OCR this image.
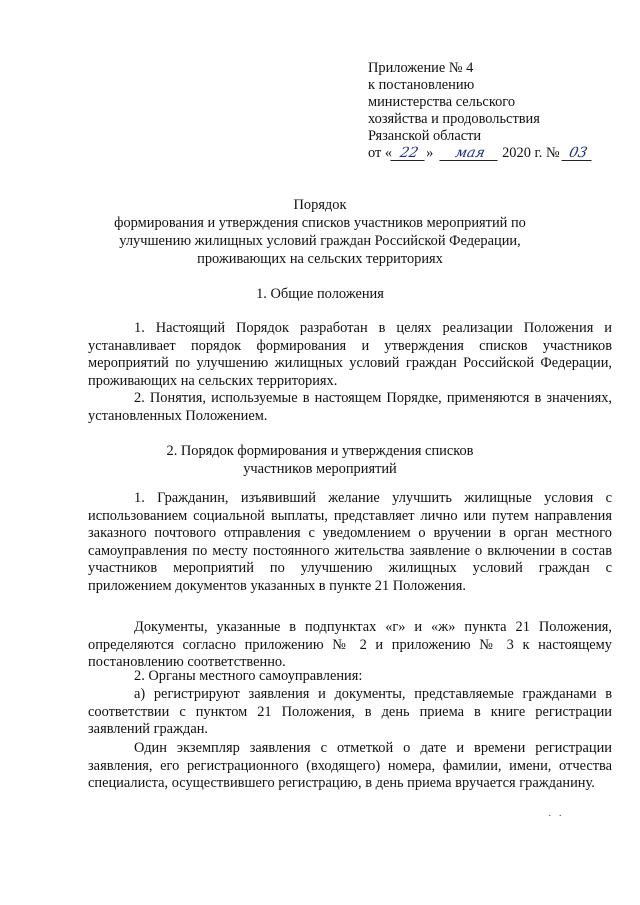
Приложение № 4
к постановлению
министерства сельского
хозяйства и продовольствия
Рязанской области
от « 22 » мая 2020 г. № 03
Порядок
формирования и утверждения списков участников мероприятий по
улучшению жилищных условий граждан Российской Федерации,
проживающих на сельских территориях
1. Общие положения
1. Настоящий Порядок разработан в целях реализации Положения и устанавливает порядок формирования и утверждения списков участников мероприятий по улучшению жилищных условий граждан Российской Федерации, проживающих на сельских территориях.
2. Понятия, используемые в настоящем Порядке, применяются в значениях, установленных Положением.
2. Порядок формирования и утверждения списков
участников мероприятий
1. Гражданин, изъявивший желание улучшить жилищные условия с использованием социальной выплаты, представляет лично или путем направления заказного почтового отправления с уведомлением о вручении в орган местного самоуправления по месту постоянного жительства заявление о включении в состав участников мероприятий по улучшению жилищных условий граждан с приложением документов указанных в пункте 21 Положения.
Документы, указанные в подпунктах «г» и «ж» пункта 21 Положения, определяются согласно приложению № 2 и приложению № 3 к настоящему постановлению соответственно.
2. Органы местного самоуправления:
а) регистрируют заявления и документы, представляемые гражданами в соответствии с пунктом 21 Положения, в день приема в книге регистрации заявлений граждан.
Один экземпляр заявления с отметкой о дате и времени регистрации заявления, его регистрационного (входящего) номера, фамилии, имени, отчества специалиста, осуществившего регистрацию, в день приема вручается гражданину.
· ·
